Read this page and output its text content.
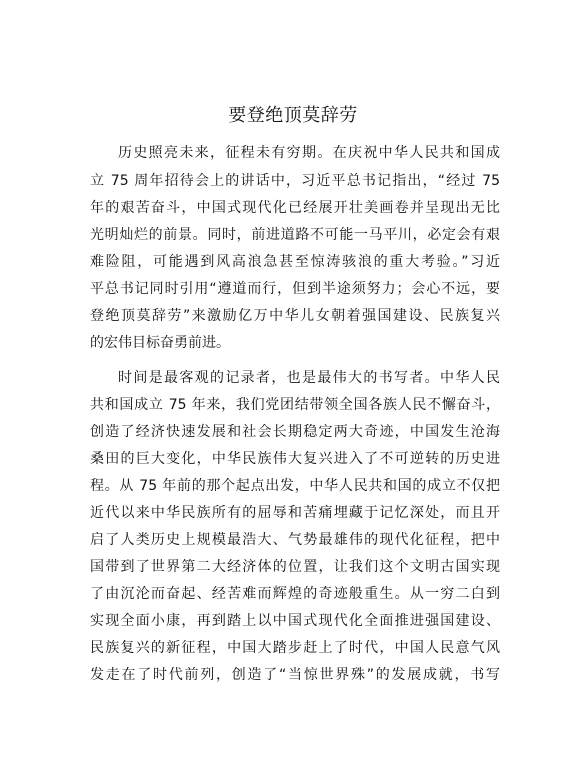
要登绝顶莫辞劳
历史照亮未来，征程未有穷期。在庆祝中华人民共和国成
立 75 周年招待会上的讲话中，习近平总书记指出，“经过 75
年的艰苦奋斗，中国式现代化已经展开壮美画卷并呈现出无比
光明灿烂的前景。同时，前进道路不可能一马平川，必定会有艰
难险阻，可能遇到风高浪急甚至惊涛骇浪的重大考验。”习近
平总书记同时引用“遵道而行，但到半途须努力；会心不远，要
登绝顶莫辞劳”来激励亿万中华儿女朝着强国建设、民族复兴
的宏伟目标奋勇前进。
时间是最客观的记录者，也是最伟大的书写者。中华人民
共和国成立 75 年来，我们党团结带领全国各族人民不懈奋斗，
创造了经济快速发展和社会长期稳定两大奇迹，中国发生沧海
桑田的巨大变化，中华民族伟大复兴进入了不可逆转的历史进
程。从 75 年前的那个起点出发，中华人民共和国的成立不仅把
近代以来中华民族所有的屈辱和苦痛埋藏于记忆深处，而且开
启了人类历史上规模最浩大、气势最雄伟的现代化征程，把中
国带到了世界第二大经济体的位置，让我们这个文明古国实现
了由沉沦而奋起、经苦难而辉煌的奇迹般重生。从一穷二白到
实现全面小康，再到踏上以中国式现代化全面推进强国建设、
民族复兴的新征程，中国大踏步赶上了时代，中国人民意气风
发走在了时代前列，创造了“当惊世界殊”的发展成就，书写
